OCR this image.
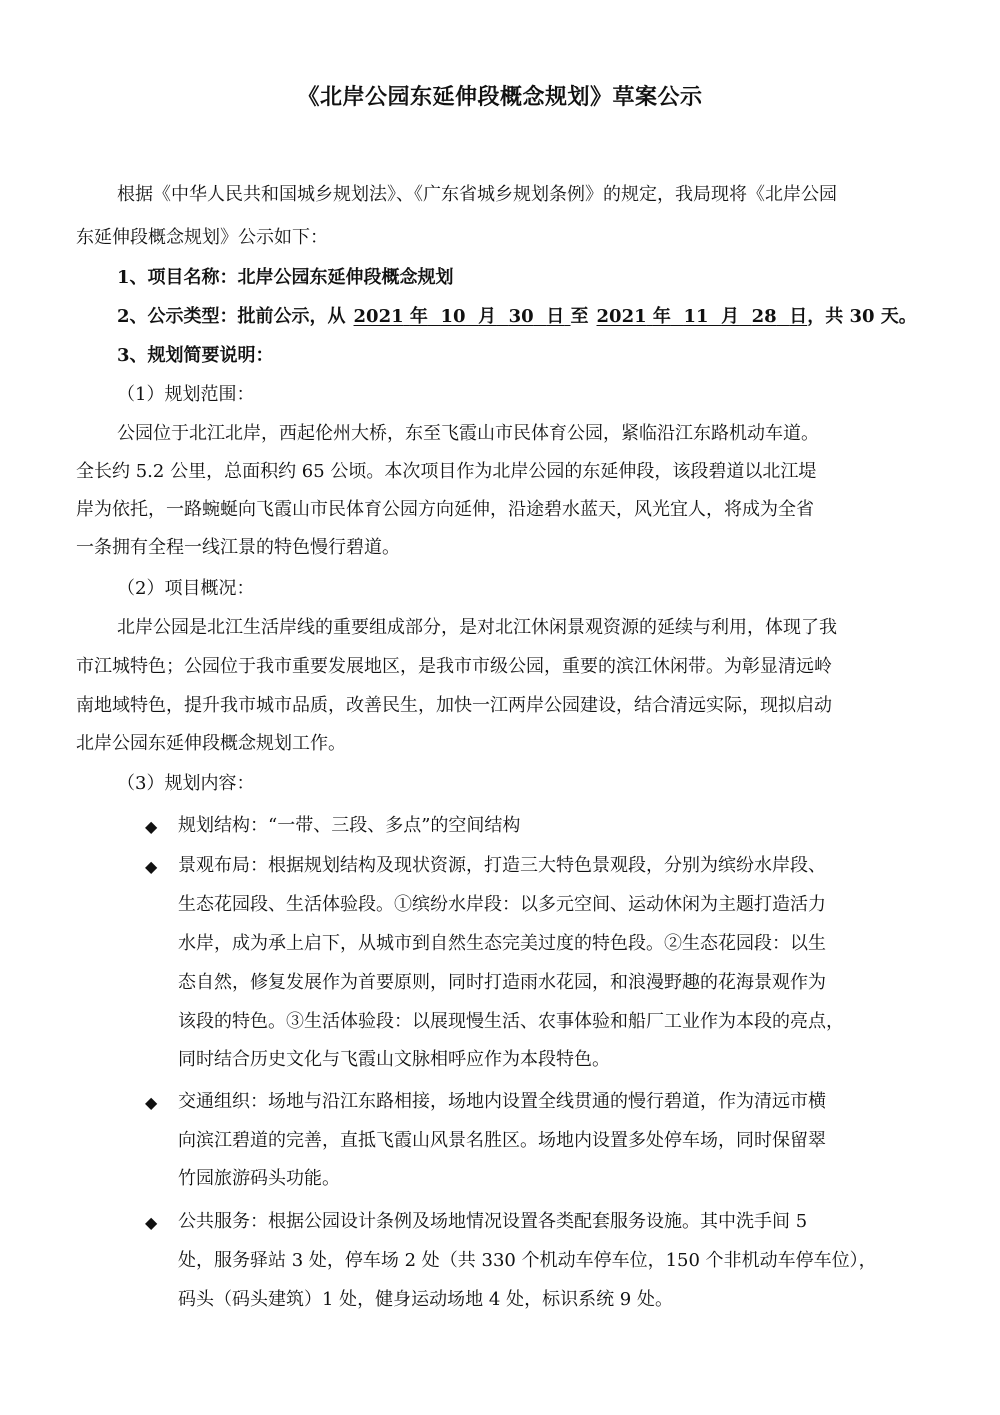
《北岸公园东延伸段概念规划》草案公示
根据《中华人民共和国城乡规划法》、《广东省城乡规划条例》的规定，我局现将《北岸公园
东延伸段概念规划》公示如下：
1、项目名称：北岸公园东延伸段概念规划
2、公示类型：批前公示，从 2021 年 10 月 30 日 至 2021 年 11 月 28 日，共 30 天。
3、规划简要说明：
（1）规划范围：
公园位于北江北岸，西起伦州大桥，东至飞霞山市民体育公园，紧临沿江东路机动车道。
全长约 5.2 公里，总面积约 65 公顷。本次项目作为北岸公园的东延伸段，该段碧道以北江堤
岸为依托，一路蜿蜒向飞霞山市民体育公园方向延伸，沿途碧水蓝天，风光宜人，将成为全省
一条拥有全程一线江景的特色慢行碧道。
（2）项目概况：
北岸公园是北江生活岸线的重要组成部分，是对北江休闲景观资源的延续与利用，体现了我
市江城特色；公园位于我市重要发展地区，是我市市级公园，重要的滨江休闲带。为彰显清远岭
南地域特色，提升我市城市品质，改善民生，加快一江两岸公园建设，结合清远实际，现拟启动
北岸公园东延伸段概念规划工作。
（3）规划内容：
◆ 规划结构：“一带、三段、多点”的空间结构
◆ 景观布局：根据规划结构及现状资源，打造三大特色景观段，分别为缤纷水岸段、
生态花园段、生活体验段。①缤纷水岸段：以多元空间、运动休闲为主题打造活力
水岸，成为承上启下，从城市到自然生态完美过度的特色段。②生态花园段：以生
态自然，修复发展作为首要原则，同时打造雨水花园，和浪漫野趣的花海景观作为
该段的特色。③生活体验段：以展现慢生活、农事体验和船厂工业作为本段的亮点，
同时结合历史文化与飞霞山文脉相呼应作为本段特色。
◆ 交通组织：场地与沿江东路相接，场地内设置全线贯通的慢行碧道，作为清远市横
向滨江碧道的完善，直抵飞霞山风景名胜区。场地内设置多处停车场，同时保留翠
竹园旅游码头功能。
◆ 公共服务：根据公园设计条例及场地情况设置各类配套服务设施。其中洗手间 5
处，服务驿站 3 处，停车场 2 处（共 330 个机动车停车位，150 个非机动车停车位），
码头（码头建筑）1 处，健身运动场地 4 处，标识系统 9 处。
